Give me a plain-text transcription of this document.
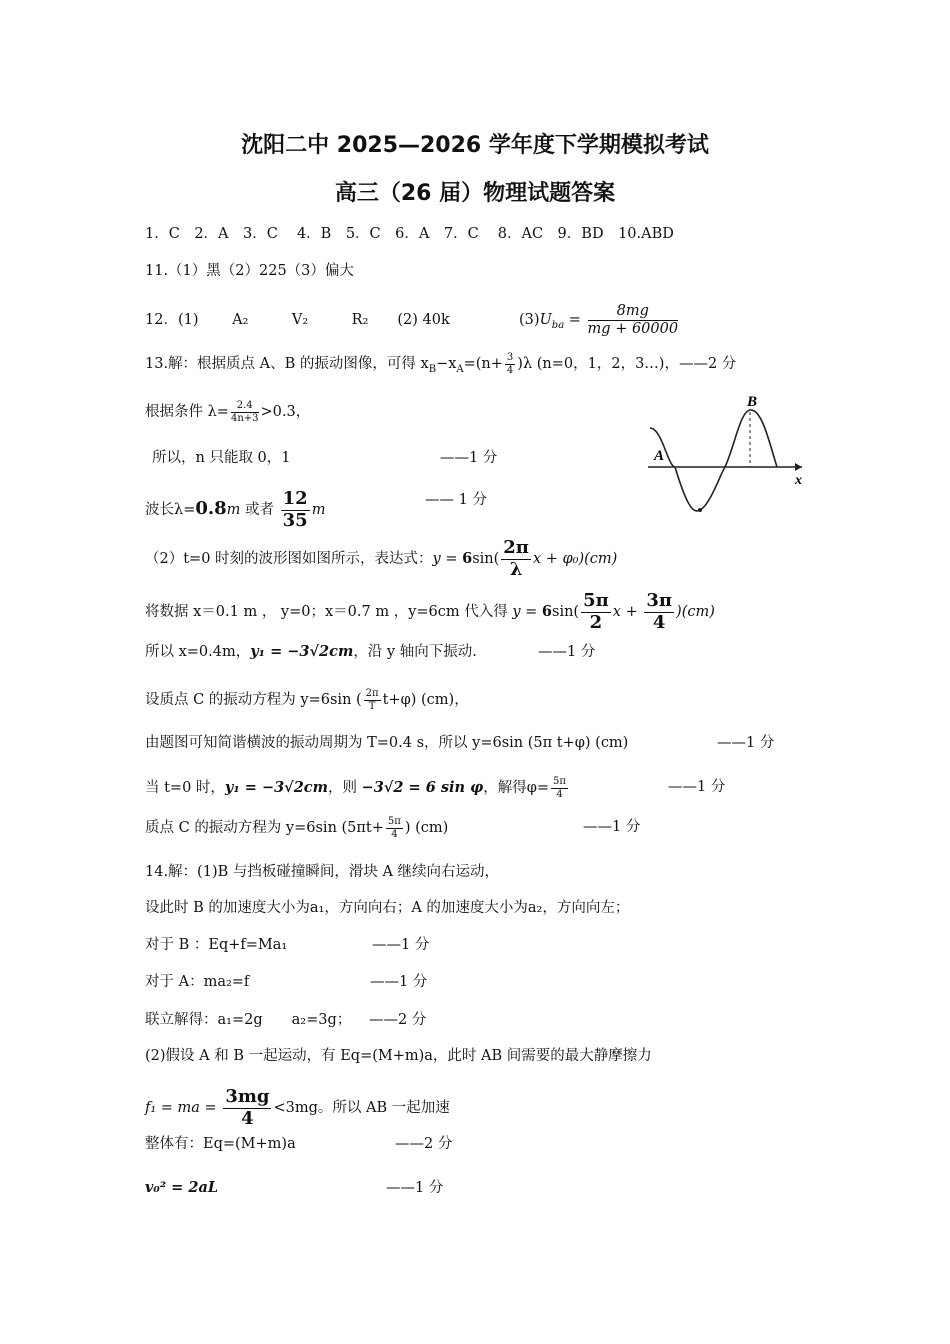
沈阳二中 2025—2026 学年度下学期模拟考试
高三（26 届）物理试题答案
1．C　2．A　3．C　 4．B　5．C　6．A　7．C　 8．AC　9．BD　10.ABD
11.（1）黑（2）225（3）偏大
12．(1)　　 A₂　　　V₂　　　R₂　　(2) 40k	$(3)U_{ba} = \frac{8mg}{mg + 60000}$
13.解：根据质点 A、B 的振动图像，可得 $x_B-x_A=(n+ \frac{3}{4} )\lambda$ (n=0，1，2，3…)，——2 分
根据条件 $\lambda= \frac{2.4}{4n+3} >0.3$，
所以，n 只能取 0，1	——1 分
波长λ=0.8m 或者 $\frac{12}{35}$ m
—— 1 分
A
B
x
（2）t=0 时刻的波形图如图所示，表达式：$y = 6\sin( \frac{2\pi}{\lambda}$ x + φ₀)(cm)
将数据 x＝0.1 m ， y=0；x＝0.7 m ，y=6cm 代入得 $y = 6\sin( \frac{5\pi}{2}$ $x + \frac{3\pi}{4} )(cm)$
所以 x=0.4m，y₁ = −3√2cm，沿 y 轴向下振动.	——1 分
设质点 C 的振动方程为 y=6sin ( $\frac{2\pi}{T} t+\varphi$) (cm)，
由题图可知简谐横波的振动周期为 T=0.4 s，所以 y=6sin (5π t+φ) (cm)	——1 分
当 t=0 时，y₁ = −3√2cm，则 −3√2 = 6 sin φ，解得$\varphi= \frac{5\pi}{4}$	——1 分
质点 C 的振动方程为 y=6sin ($5\pi t+ \frac{5\pi}{4}$ ) (cm)	——1 分
14.解：(1)B 与挡板碰撞瞬间，滑块 A 继续向右运动，
设此时 B 的加速度大小为a₁，方向向右；A 的加速度大小为a₂，方向向左；
对于 B ：Eq+f=Ma₁	——1 分
对于 A：ma₂=f	——1 分
联立解得：a₁=2g　　a₂=3g； ——2 分
(2)假设 A 和 B 一起运动，有 Eq=(M+m)a，此时 AB 间需要的最大静摩擦力
f₁ = ma = $\frac{3mg}{4} <3mg$。所以 AB 一起加速
整体有：Eq=(M+m)a	——2 分
v₀² = 2aL	——1 分
